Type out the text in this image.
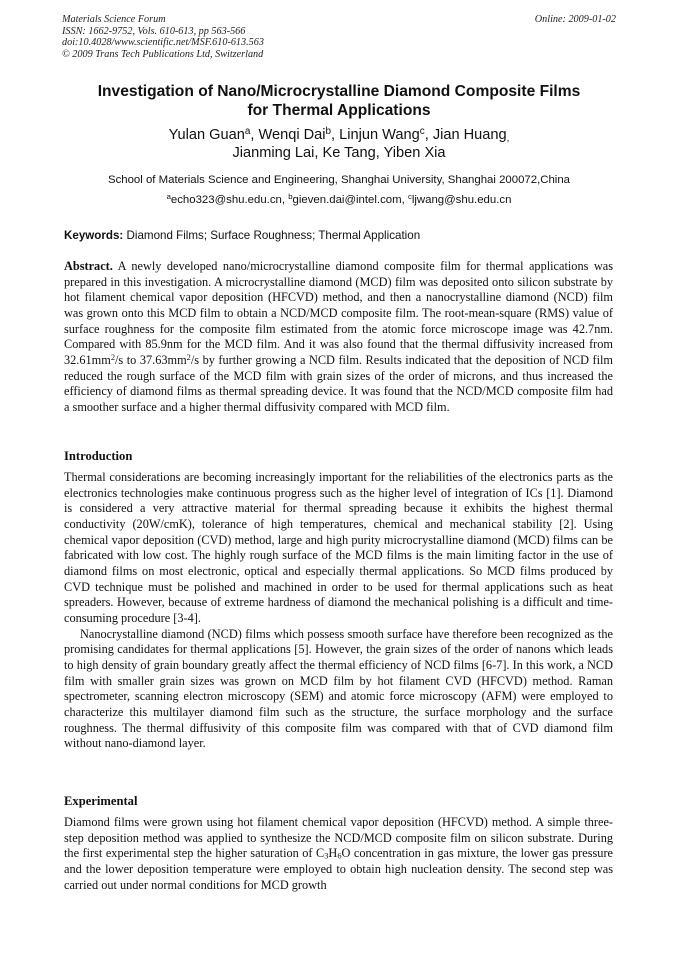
Materials Science Forum
ISSN: 1662-9752, Vols. 610-613, pp 563-566
doi:10.4028/www.scientific.net/MSF.610-613.563
© 2009 Trans Tech Publications Ltd, Switzerland
Online: 2009-01-02
Investigation of Nano/Microcrystalline Diamond Composite Films
for Thermal Applications
Yulan Guan$^a$, Wenqi Dai$^b$, Linjun Wang$^c$, Jian Huang$_,$
Jianming Lai, Ke Tang, Yiben Xia
School of Materials Science and Engineering, Shanghai University, Shanghai 200072,China
$^a$echo323@shu.edu.cn, $^b$gieven.dai@intel.com, $^c$ljwang@shu.edu.cn
Keywords: Diamond Films; Surface Roughness; Thermal Application

Abstract. A newly developed nano/microcrystalline diamond composite film for thermal applications was prepared in this investigation. A microcrystalline diamond (MCD) film was deposited onto silicon substrate by hot filament chemical vapor deposition (HFCVD) method, and then a nanocrystalline diamond (NCD) film was grown onto this MCD film to obtain a NCD/MCD composite film. The root-mean-square (RMS) value of surface roughness for the composite film estimated from the atomic force microscope image was 42.7nm. Compared with 85.9nm for the MCD film. And it was also found that the thermal diffusivity increased from $32.61mm^2/s$ to $37.63mm^2/s$ by further growing a NCD film. Results indicated that the deposition of NCD film reduced the rough surface of the MCD film with grain sizes of the order of microns, and thus increased the efficiency of diamond films as thermal spreading device. It was found that the NCD/MCD composite film had a smoother surface and a higher thermal diffusivity compared with MCD film.

Introduction

Thermal considerations are becoming increasingly important for the reliabilities of the electronics parts as the electronics technologies make continuous progress such as the higher level of integration of ICs [1]. Diamond is considered a very attractive material for thermal spreading because it exhibits the highest thermal conductivity (20W/cmK), tolerance of high temperatures, chemical and mechanical stability [2]. Using chemical vapor deposition (CVD) method, large and high purity microcrystalline diamond (MCD) films can be fabricated with low cost. The highly rough surface of the MCD films is the main limiting factor in the use of diamond films on most electronic, optical and especially thermal applications. So MCD films produced by CVD technique must be polished and machined in order to be used for thermal applications such as heat spreaders. However, because of extreme hardness of diamond the mechanical polishing is a difficult and time-consuming procedure [3-4].

Nanocrystalline diamond (NCD) films which possess smooth surface have therefore been recognized as the promising candidates for thermal applications [5]. However, the grain sizes of the order of nanons which leads to high density of grain boundary greatly affect the thermal efficiency of NCD films [6-7]. In this work, a NCD film with smaller grain sizes was grown on MCD film by hot filament CVD (HFCVD) method. Raman spectrometer, scanning electron microscopy (SEM) and atomic force microscopy (AFM) were employed to characterize this multilayer diamond film such as the structure, the surface morphology and the surface roughness. The thermal diffusivity of this composite film was compared with that of CVD diamond film without nano-diamond layer.

Experimental

Diamond films were grown using hot filament chemical vapor deposition (HFCVD) method. A simple three-step deposition method was applied to synthesize the NCD/MCD composite film on silicon substrate. During the first experimental step the higher saturation of $C_3H_6O$ concentration in gas mixture, the lower gas pressure and the lower deposition temperature were employed to obtain high nucleation density. The second step was carried out under normal conditions for MCD growth
